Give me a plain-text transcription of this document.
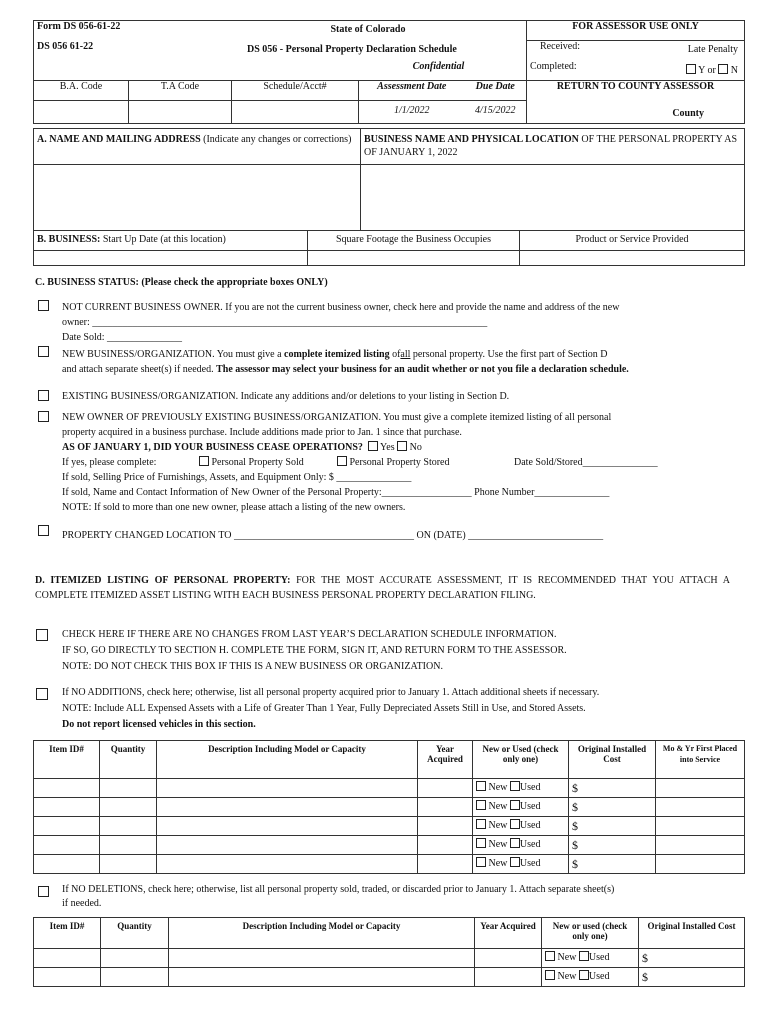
Form DS 056-61-22 State of Colorado					FOR ASSESSOR USE ONLY
DS 056 61-22 DS 056 - Personal Property Declaration Schedule					Received: Late Penalty

Confidential					Completed: Y or N

B.A. Code	T.A Code	Schedule/Acct#	Assessment Date	Due Date	RETURN TO COUNTY ASSESSOR
County

			1/1/2022	4/15/2022	
A. NAME AND MAILING ADDRESS (Indicate any changes or corrections)	BUSINESS NAME AND PHYSICAL LOCATION OF THE PERSONAL PROPERTY AS OF JANUARY 1, 2022

B. BUSINESS: Start Up Date (at this location)	Square Footage the Business Occupies	Product or Service Provided

C. BUSINESS STATUS: (Please check the appropriate boxes ONLY)
NOT CURRENT BUSINESS OWNER. If you are not the current business owner, check here and provide the name and address of the new
owner: _______________________________________________________________________________
Date Sold: _______________
NEW BUSINESS/ORGANIZATION. You must give a complete itemized listing ofall personal property. Use the first part of Section D
and attach separate sheet(s) if needed. The assessor may select your business for an audit whether or not you file a declaration schedule.
EXISTING BUSINESS/ORGANIZATION. Indicate any additions and/or deletions to your listing in Section D.
NEW OWNER OF PREVIOUSLY EXISTING BUSINESS/ORGANIZATION. You must give a complete itemized listing of all personal
property acquired in a business purchase. Include additions made prior to Jan. 1 since that purchase.
AS OF JANUARY 1, DID YOUR BUSINESS CEASE OPERATIONS? Yes No
If yes, please complete:	Personal Property Sold	Personal Property Stored	Date Sold/Stored_______________
If sold, Selling Price of Furnishings, Assets, and Equipment Only: $ _______________
If sold, Name and Contact Information of New Owner of the Personal Property:__________________ Phone Number_______________
NOTE: If sold to more than one new owner, please attach a listing of the new owners.
PROPERTY CHANGED LOCATION TO ____________________________________ ON (DATE) ___________________________
D. ITEMIZED LISTING OF PERSONAL PROPERTY: FOR THE MOST ACCURATE ASSESSMENT, IT IS RECOMMENDED THAT YOU ATTACH A COMPLETE ITEMIZED ASSET LISTING WITH EACH BUSINESS PERSONAL PROPERTY DECLARATION FILING.
CHECK HERE IF THERE ARE NO CHANGES FROM LAST YEAR’S DECLARATION SCHEDULE INFORMATION.
IF SO, GO DIRECTLY TO SECTION H. COMPLETE THE FORM, SIGN IT, AND RETURN FORM TO THE ASSESSOR.
NOTE: DO NOT CHECK THIS BOX IF THIS IS A NEW BUSINESS OR ORGANIZATION.
If NO ADDITIONS, check here; otherwise, list all personal property acquired prior to January 1. Attach additional sheets if necessary.
NOTE: Include ALL Expensed Assets with a Life of Greater Than 1 Year, Fully Depreciated Assets Still in Use, and Stored Assets.
Do not report licensed vehicles in this section.
Item ID#	Quantity	Description Including Model or Capacity	Year Acquired	New or Used (check only one)	Original Installed Cost	Mo & Yr First Placed into Service
				New Used	$	
				New Used	$	
				New Used	$	
				New Used	$	
				New Used	$	
If NO DELETIONS, check here; otherwise, list all personal property sold, traded, or discarded prior to January 1. Attach separate sheet(s)
if needed.
Item ID#	Quantity	Description Including Model or Capacity	Year Acquired	New or used (check only one)	Original Installed Cost
				New Used	$
				New Used	$
